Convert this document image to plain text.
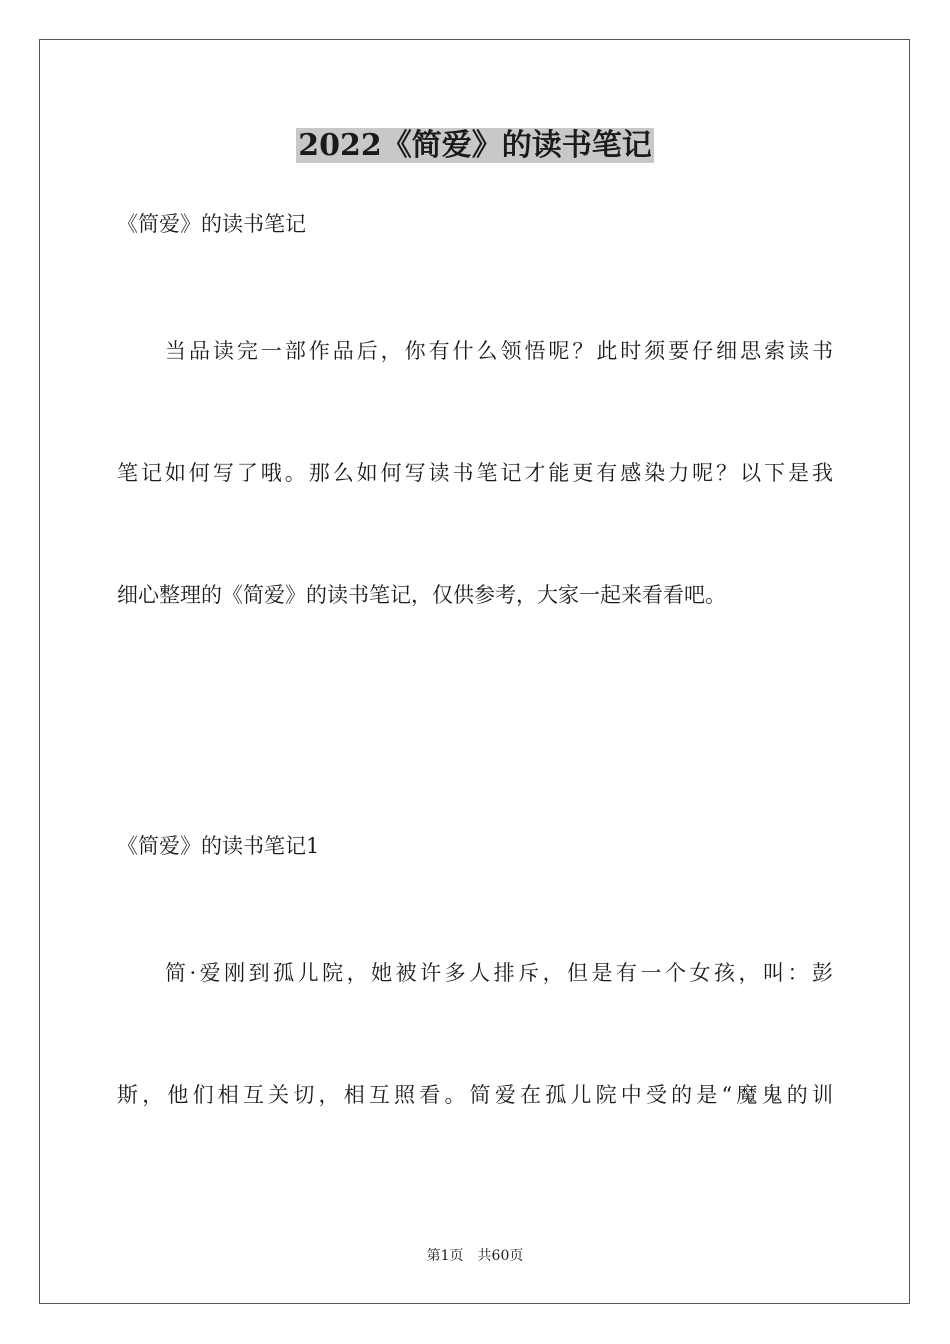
2022《简爱》的读书笔记
《简爱》的读书笔记
当品读完一部作品后，你有什么领悟呢？此时须要仔细思索读书
笔记如何写了哦。那么如何写读书笔记才能更有感染力呢？以下是我
细心整理的《简爱》的读书笔记，仅供参考，大家一起来看看吧。
《简爱》的读书笔记1
简·爱刚到孤儿院，她被许多人排斥，但是有一个女孩，叫：彭
斯，他们相互关切，相互照看。简爱在孤儿院中受的是“魔鬼的训
第1页 共60页
